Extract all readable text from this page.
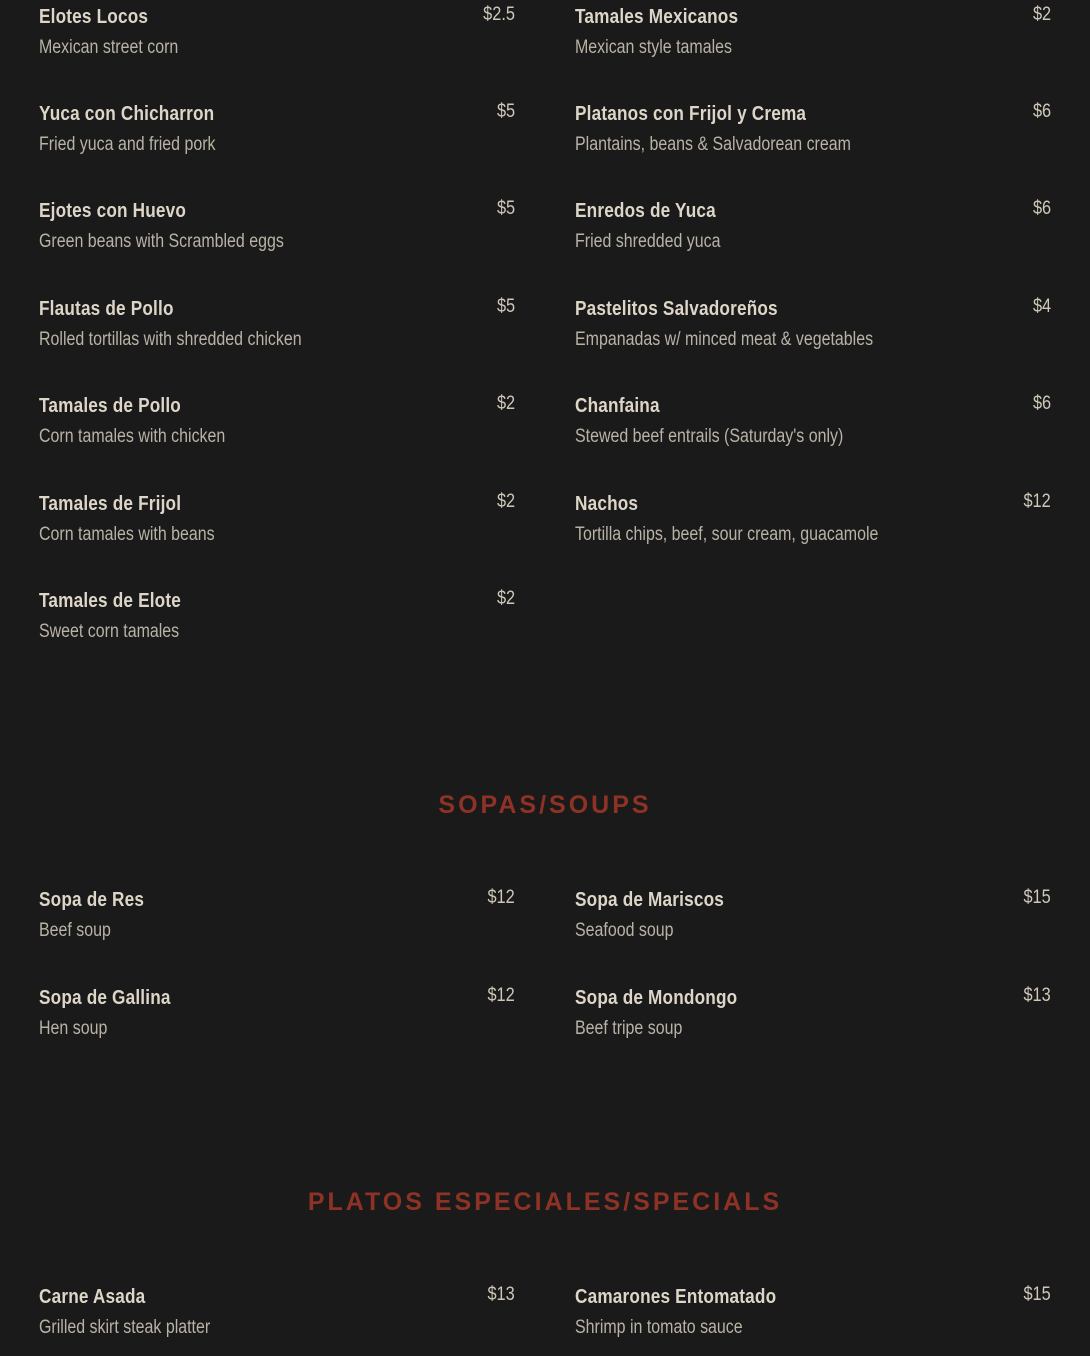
Elotes Locos	$2.5
Mexican street corn
Tamales Mexicanos	$2
Mexican style tamales
Yuca con Chicharron	$5
Fried yuca and fried pork
Platanos con Frijol y Crema	$6
Plantains, beans & Salvadorean cream
Ejotes con Huevo	$5
Green beans with Scrambled eggs
Enredos de Yuca	$6
Fried shredded yuca
Flautas de Pollo	$5
Rolled tortillas with shredded chicken
Pastelitos Salvadoreños	$4
Empanadas w/ minced meat & vegetables
Tamales de Pollo	$2
Corn tamales with chicken
Chanfaina	$6
Stewed beef entrails (Saturday's only)
Tamales de Frijol	$2
Corn tamales with beans
Nachos	$12
Tortilla chips, beef, sour cream, guacamole
Tamales de Elote	$2
Sweet corn tamales
SOPAS/SOUPS
Sopa de Res	$12
Beef soup
Sopa de Mariscos	$15
Seafood soup
Sopa de Gallina	$12
Hen soup
Sopa de Mondongo	$13
Beef tripe soup
PLATOS ESPECIALES/SPECIALS
Carne Asada	$13
Grilled skirt steak platter
Camarones Entomatado	$15
Shrimp in tomato sauce
